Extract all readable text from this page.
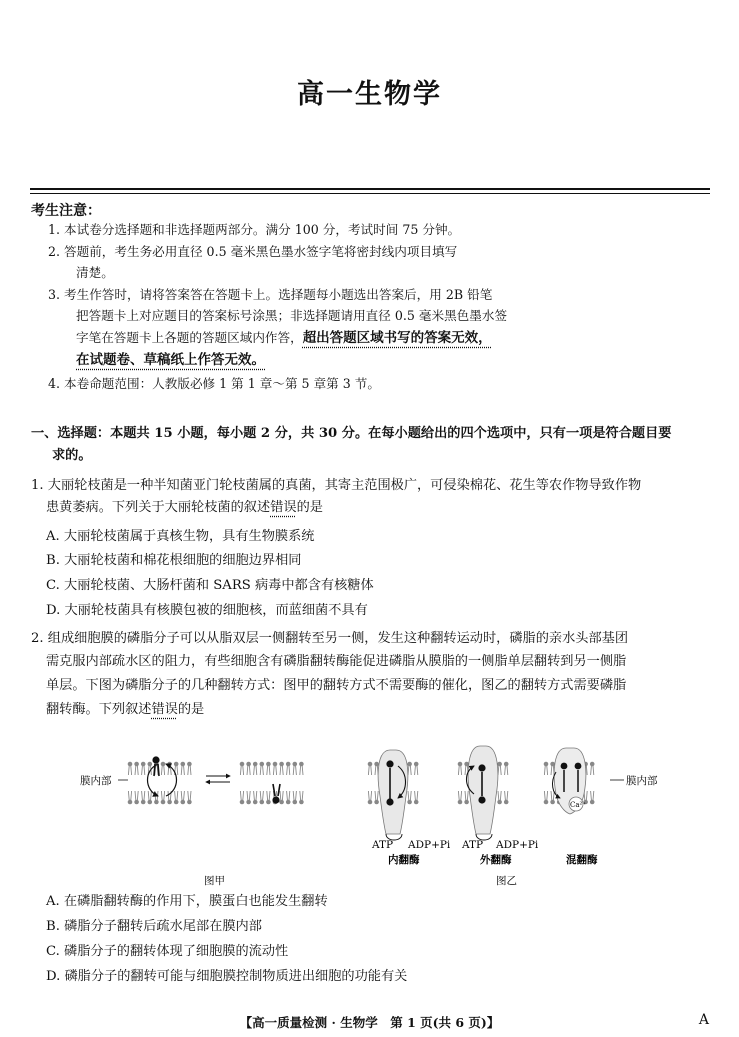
高一生物学
考生注意：
1. 本试卷分选择题和非选择题两部分。满分 100 分，考试时间 75 分钟。
2. 答题前，考生务必用直径 0.5 毫米黑色墨水签字笔将密封线内项目填写
清楚。
3. 考生作答时，请将答案答在答题卡上。选择题每小题选出答案后，用 2B 铅笔
把答题卡上对应题目的答案标号涂黑；非选择题请用直径 0.5 毫米黑色墨水签
字笔在答题卡上各题的答题区域内作答，超出答题区域书写的答案无效，
在试题卷、草稿纸上作答无效。
4. 本卷命题范围：人教版必修 1 第 1 章～第 5 章第 3 节。
一、选择题：本题共 15 小题，每小题 2 分，共 30 分。在每小题给出的四个选项中，只有一项是符合题目要
求的。
1. 大丽轮枝菌是一种半知菌亚门轮枝菌属的真菌，其寄主范围极广，可侵染棉花、花生等农作物导致作物
患黄萎病。下列关于大丽轮枝菌的叙述错误的是
A. 大丽轮枝菌属于真核生物，具有生物膜系统
B. 大丽轮枝菌和棉花根细胞的细胞边界相同
C. 大丽轮枝菌、大肠杆菌和 SARS 病毒中都含有核糖体
D. 大丽轮枝菌具有核膜包被的细胞核，而蓝细菌不具有
2. 组成细胞膜的磷脂分子可以从脂双层一侧翻转至另一侧，发生这种翻转运动时，磷脂的亲水头部基团
需克服内部疏水区的阻力，有些细胞含有磷脂翻转酶能促进磷脂从膜脂的一侧脂单层翻转到另一侧脂
单层。下图为磷脂分子的几种翻转方式：图甲的翻转方式不需要酶的催化，图乙的翻转方式需要磷脂
翻转酶。下列叙述错误的是
膜内部
Ca²⁺
膜内部
ATP ADP+Pi ATP ADP+Pi
内翻酶	外翻酶	混翻酶
图甲	图乙
A. 在磷脂翻转酶的作用下，膜蛋白也能发生翻转
B. 磷脂分子翻转后疏水尾部在膜内部
C. 磷脂分子的翻转体现了细胞膜的流动性
D. 磷脂分子的翻转可能与细胞膜控制物质进出细胞的功能有关
【高一质量检测 · 生物学　第 1 页(共 6 页)】	A
